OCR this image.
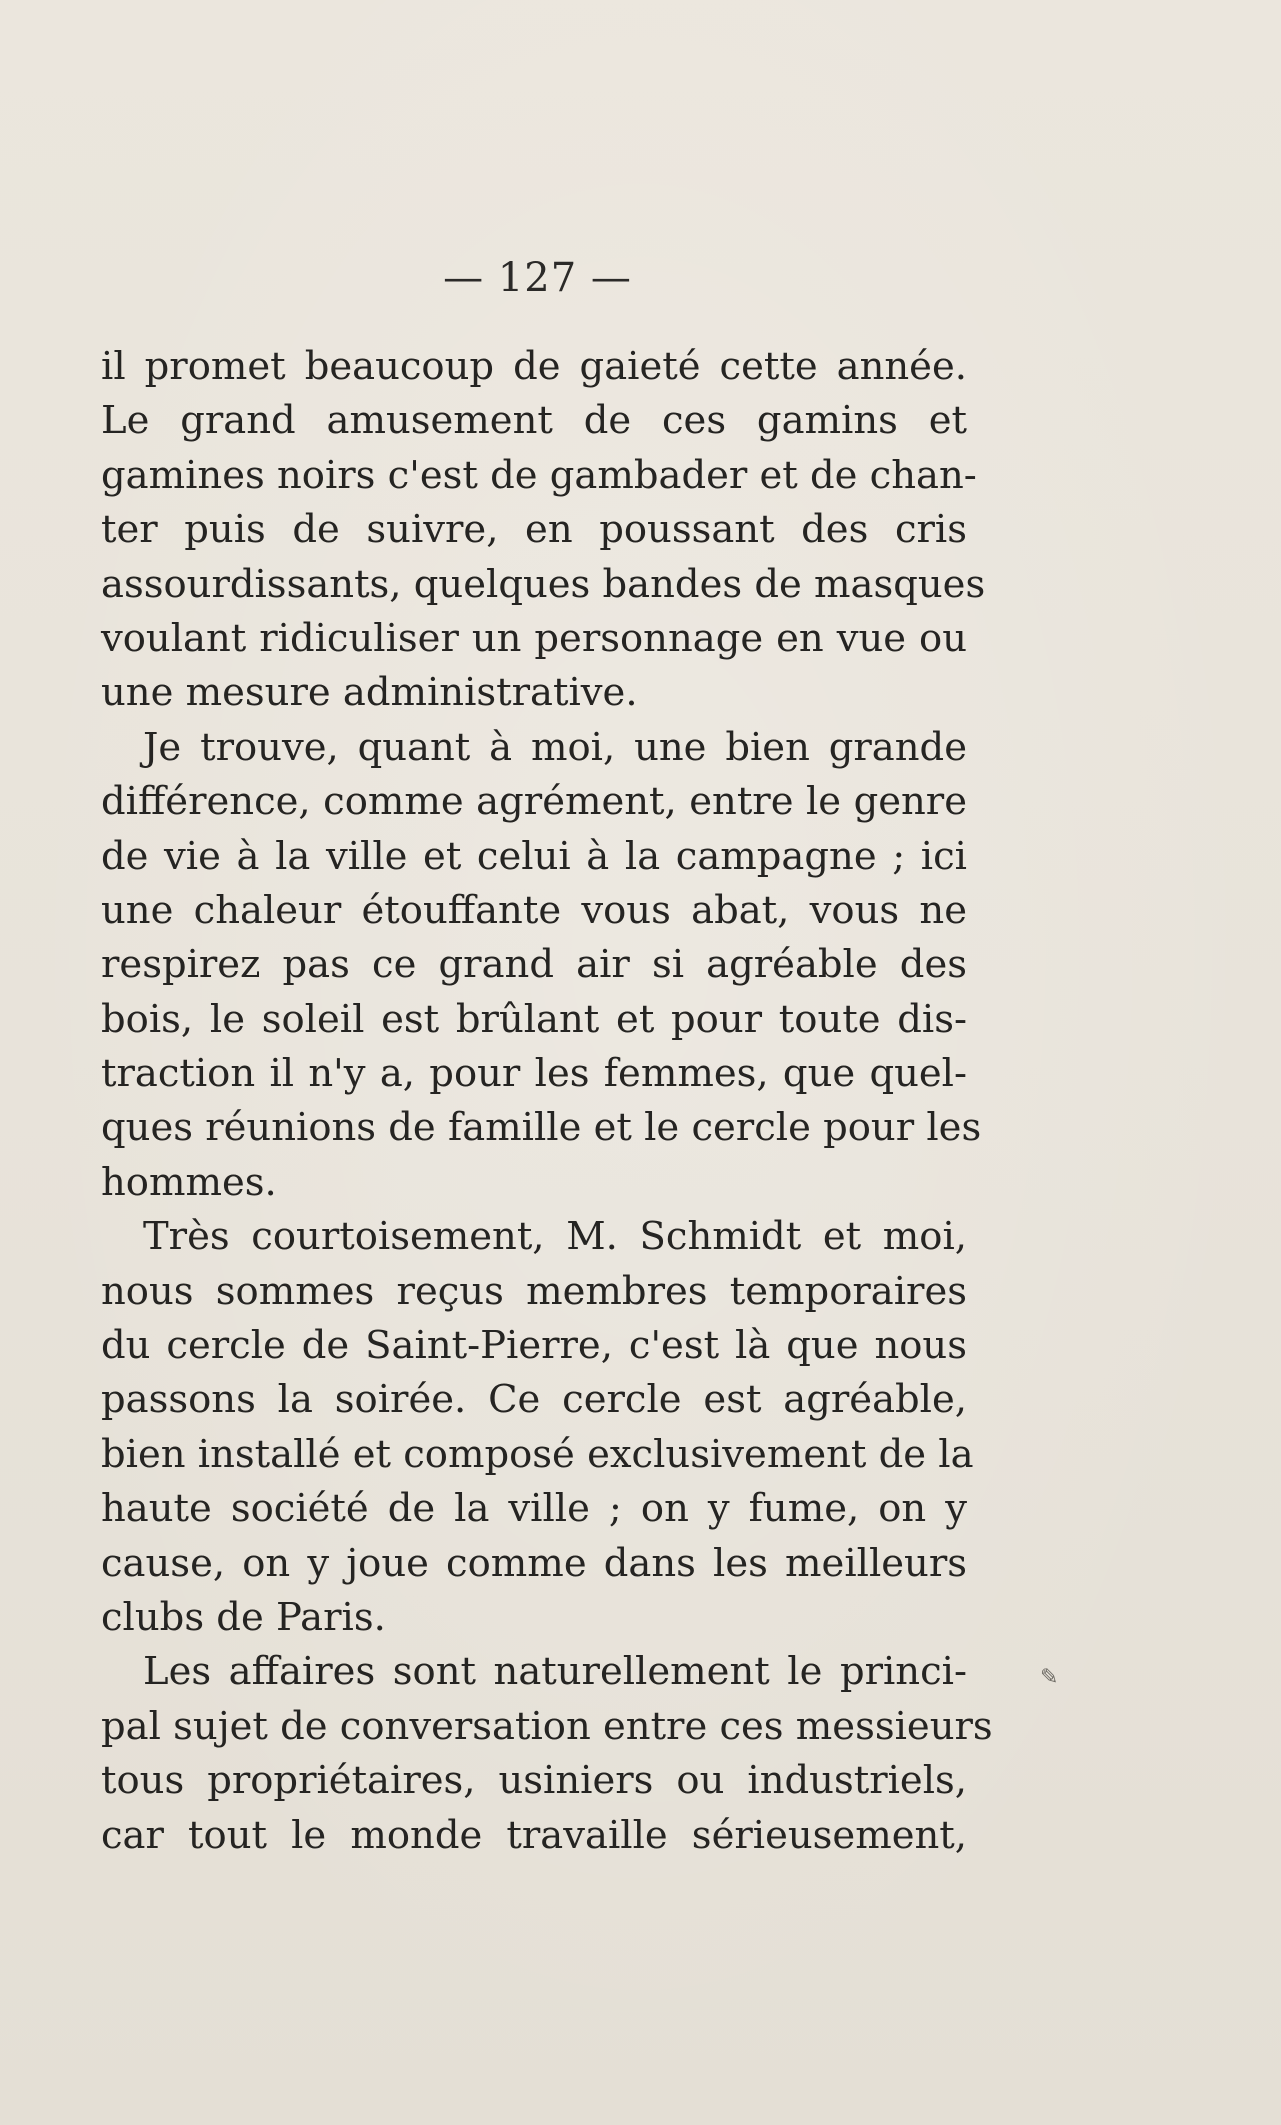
— 127 —
il promet beaucoup de gaieté cette année.
Le grand amusement de ces gamins et
gamines noirs c'est de gambader et de chan-
ter puis de suivre, en poussant des cris
assourdissants, quelques bandes de masques
voulant ridiculiser un personnage en vue ou
une mesure administrative.
Je trouve, quant à moi, une bien grande
différence, comme agrément, entre le genre
de vie à la ville et celui à la campagne ; ici
une chaleur étouffante vous abat, vous ne
respirez pas ce grand air si agréable des
bois, le soleil est brûlant et pour toute dis-
traction il n'y a, pour les femmes, que quel-
ques réunions de famille et le cercle pour les
hommes.
Très courtoisement, M. Schmidt et moi,
nous sommes reçus membres temporaires
du cercle de Saint-Pierre, c'est là que nous
passons la soirée. Ce cercle est agréable,
bien installé et composé exclusivement de la
haute société de la ville ; on y fume, on y
cause, on y joue comme dans les meilleurs
clubs de Paris.
Les affaires sont naturellement le princi-
pal sujet de conversation entre ces messieurs
tous propriétaires, usiniers ou industriels,
car tout le monde travaille sérieusement,
✎
